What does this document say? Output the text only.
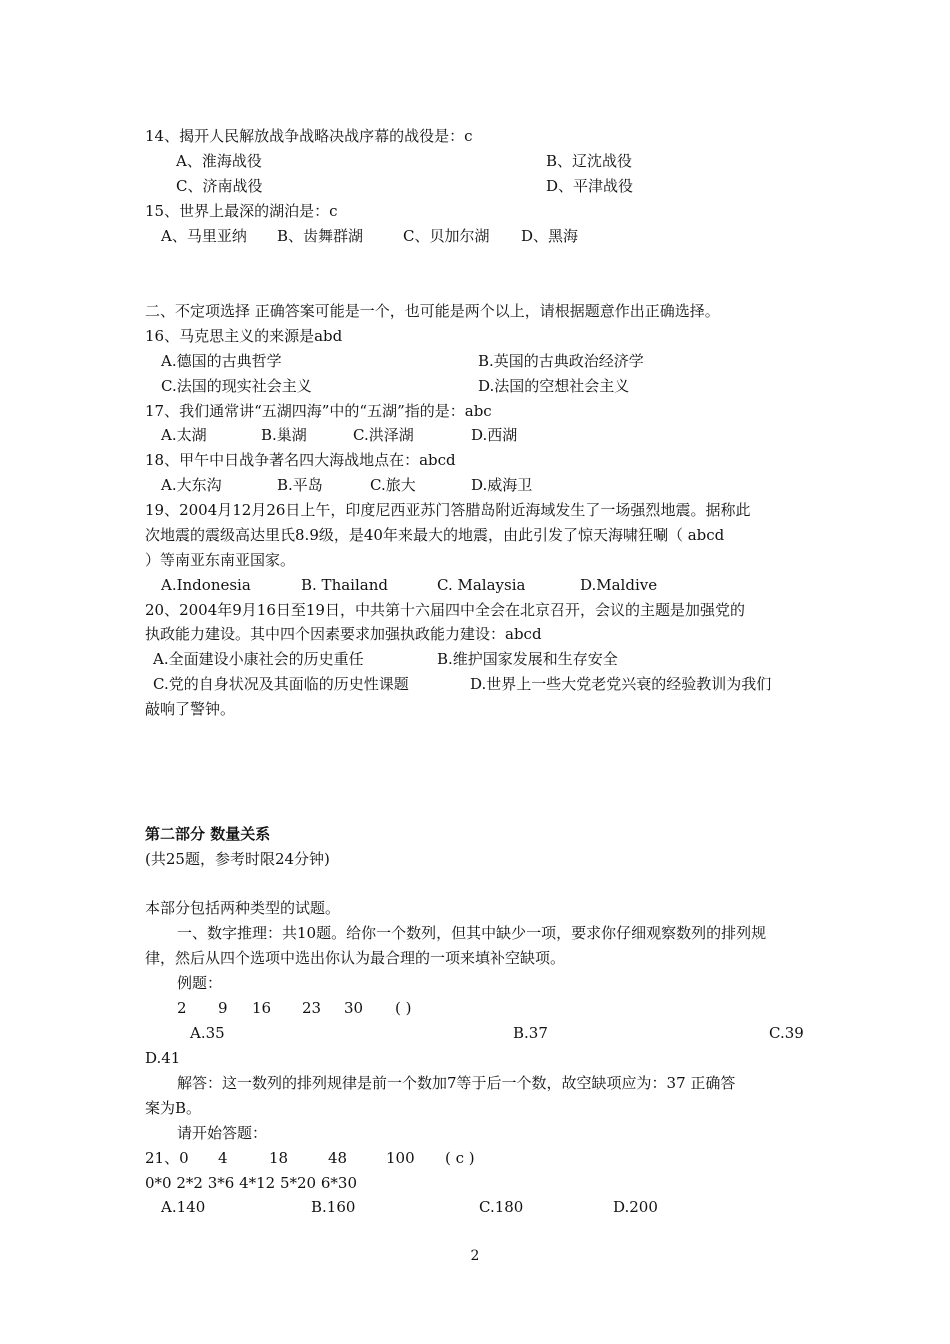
14、揭开人民解放战争战略决战序幕的战役是：c
A、淮海战役	B、辽沈战役
C、济南战役	D、平津战役
15、世界上最深的湖泊是：c
A、马里亚纳 B、齿舞群湖	C、贝加尔湖 D、黑海
二、不定项选择 正确答案可能是一个，也可能是两个以上，请根据题意作出正确选择。
16、马克思主义的来源是abd
A.德国的古典哲学	B.英国的古典政治经济学
C.法国的现实社会主义	D.法国的空想社会主义
17、我们通常讲“五湖四海”中的“五湖”指的是：abc
A.太湖	B.巢湖	C.洪泽湖	D.西湖
18、甲午中日战争著名四大海战地点在：abcd
A.大东沟	B.平岛	C.旅大	D.威海卫
19、2004月12月26日上午，印度尼西亚苏门答腊岛附近海域发生了一场强烈地震。据称此
次地震的震级高达里氏8.9级，是40年来最大的地震，由此引发了惊天海啸狂唰（ abcd
）等南亚东南亚国家。
A.Indonesia	B. Thailand	C. Malaysia	D.Maldive
20、2004年9月16日至19日，中共第十六届四中全会在北京召开，会议的主题是加强党的
执政能力建设。其中四个因素要求加强执政能力建设：abcd
A.全面建设小康社会的历史重任	B.维护国家发展和生存安全
C.党的自身状况及其面临的历史性课题	D.世界上一些大党老党兴衰的经验教训为我们
敲响了警钟。
第二部分 数量关系
(共25题，参考时限24分钟)
本部分包括两种类型的试题。
一、数字推理：共10题。给你一个数列，但其中缺少一项，要求你仔细观察数列的排列规
律，然后从四个选项中选出你认为最合理的一项来填补空缺项。
例题：
2 9 16 23 30 ( )
A.35	B.37	C.39
D.41
解答：这一数列的排列规律是前一个数加7等于后一个数，故空缺项应为：37 正确答
案为B。
请开始答题：
21、0 4	18	48	100 ( c )
0*0 2*2 3*6 4*12 5*20 6*30
A.140	B.160	C.180	D.200
2
